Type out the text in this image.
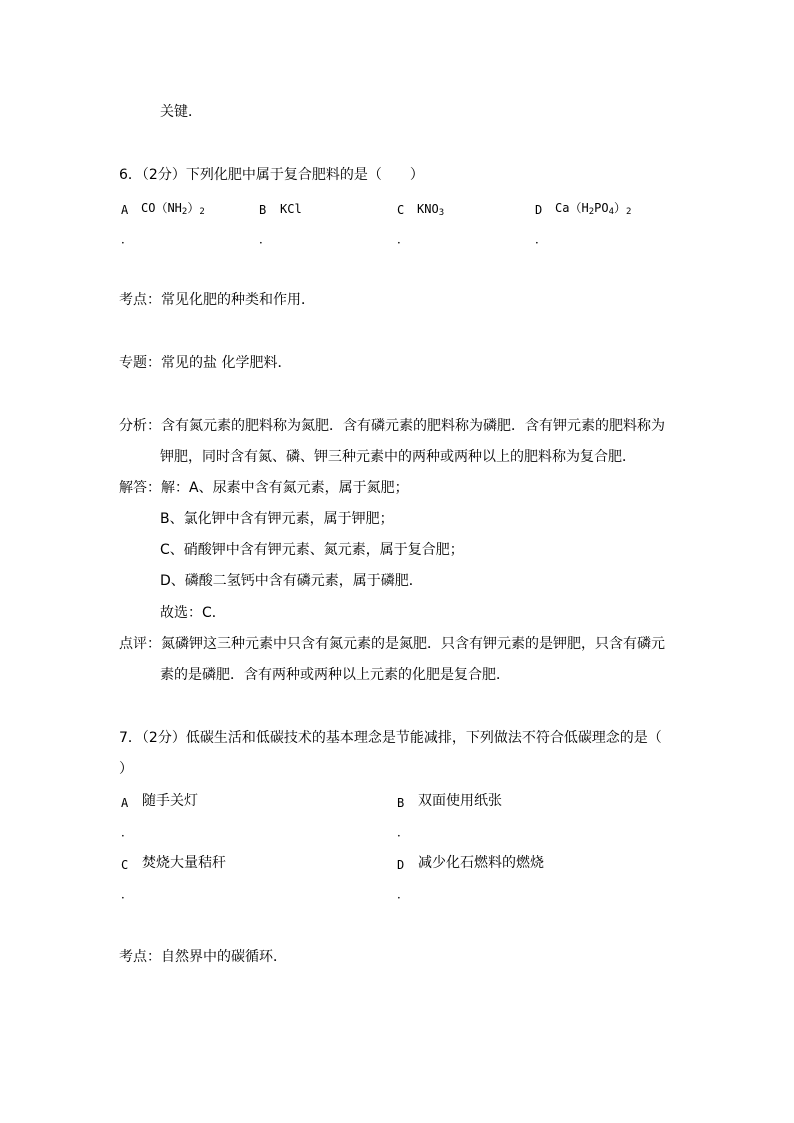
关键．
6．（2分）下列化肥中属于复合肥料的是（　　）
A $CO(NH_2)_2$
．
B KCl
．
C $KNO_3$
．
D $Ca(H_2PO_4)_2$
．
考点：常见化肥的种类和作用．
专题：常见的盐 化学肥料．
分析：含有氮元素的肥料称为氮肥．含有磷元素的肥料称为磷肥．含有钾元素的肥料称为
钾肥，同时含有氮、磷、钾三种元素中的两种或两种以上的肥料称为复合肥．
解答：解：A、尿素中含有氮元素，属于氮肥；
B、氯化钾中含有钾元素，属于钾肥；
C、硝酸钾中含有钾元素、氮元素，属于复合肥；
D、磷酸二氢钙中含有磷元素，属于磷肥．
故选：C．
点评：氮磷钾这三种元素中只含有氮元素的是氮肥．只含有钾元素的是钾肥，只含有磷元
素的是磷肥．含有两种或两种以上元素的化肥是复合肥．
7．（2分）低碳生活和低碳技术的基本理念是节能减排，下列做法不符合低碳理念的是（
）
A 随手关灯
．
B 双面使用纸张
．
C 焚烧大量秸秆
．
D 减少化石燃料的燃烧
．
考点：自然界中的碳循环．
